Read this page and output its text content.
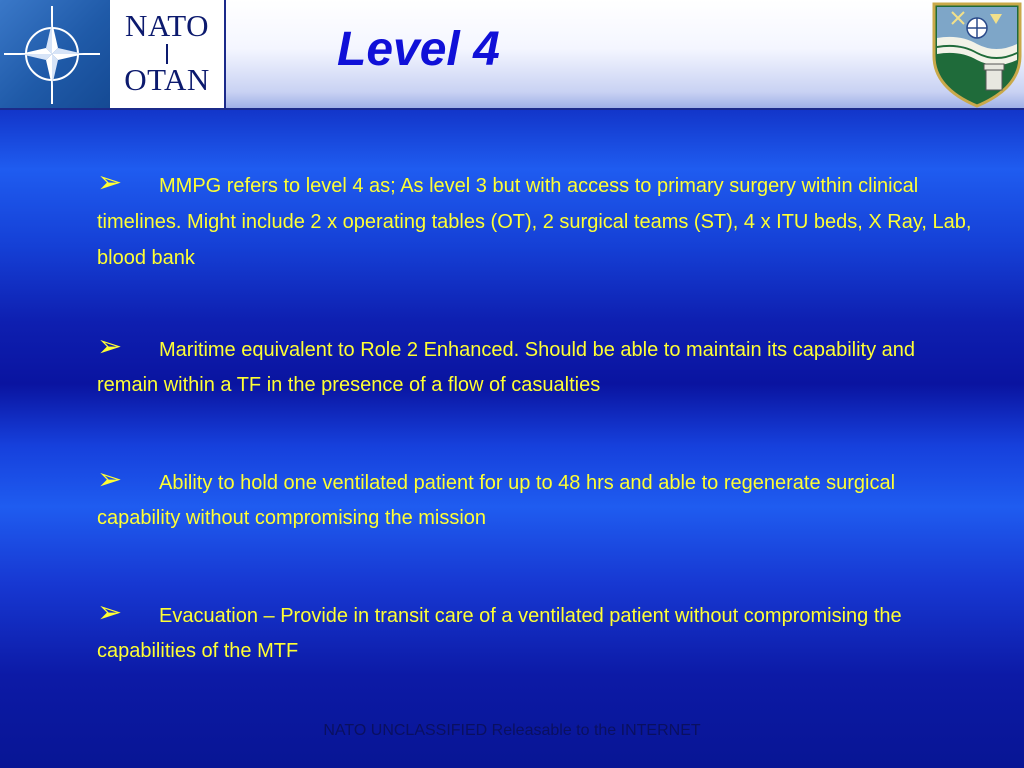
NATO
OTAN
Level 4
➢ MMPG refers to level 4 as; As level 3 but with access to primary surgery within clinical timelines. Might include 2 x operating tables (OT), 2 surgical teams (ST), 4 x ITU beds, X Ray, Lab, blood bank
➢ Maritime equivalent to Role 2 Enhanced. Should be able to maintain its capability and remain within a TF in the presence of a flow of casualties
➢ Ability to hold one ventilated patient for up to 48 hrs and able to regenerate surgical capability without compromising the mission
➢ Evacuation – Provide in transit care of a ventilated patient without compromising the capabilities of the MTF
NATO UNCLASSIFIED Releasable to the INTERNET
